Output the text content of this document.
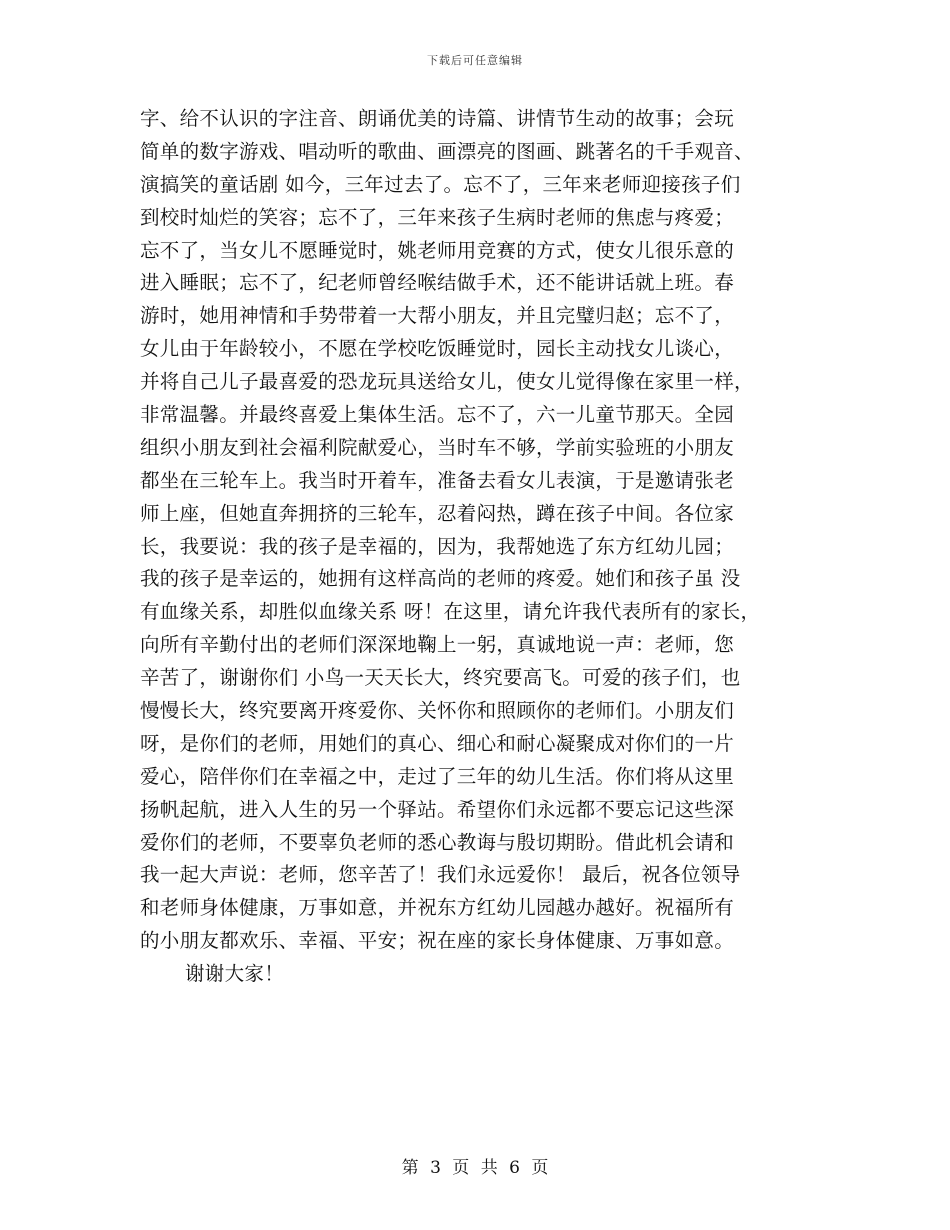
下载后可任意编辑
字、给不认识的字注音、朗诵优美的诗篇、讲情节生动的故事；会玩
简单的数字游戏、唱动听的歌曲、画漂亮的图画、跳著名的千手观音、
演搞笑的童话剧 如今，三年过去了。忘不了，三年来老师迎接孩子们
到校时灿烂的笑容；忘不了，三年来孩子生病时老师的焦虑与疼爱；
忘不了，当女儿不愿睡觉时，姚老师用竞赛的方式，使女儿很乐意的
进入睡眠；忘不了，纪老师曾经喉结做手术，还不能讲话就上班。春
游时，她用神情和手势带着一大帮小朋友，并且完璧归赵；忘不了，
女儿由于年龄较小，不愿在学校吃饭睡觉时，园长主动找女儿谈心，
并将自己儿子最喜爱的恐龙玩具送给女儿，使女儿觉得像在家里一样，
非常温馨。并最终喜爱上集体生活。忘不了，六一儿童节那天。全园
组织小朋友到社会福利院献爱心，当时车不够，学前实验班的小朋友
都坐在三轮车上。我当时开着车，准备去看女儿表演，于是邀请张老
师上座，但她直奔拥挤的三轮车，忍着闷热，蹲在孩子中间。各位家
长，我要说：我的孩子是幸福的，因为，我帮她选了东方红幼儿园；
我的孩子是幸运的，她拥有这样高尚的老师的疼爱。她们和孩子虽 没
有血缘关系，却胜似血缘关系 呀！在这里，请允许我代表所有的家长，
向所有辛勤付出的老师们深深地鞠上一躬，真诚地说一声：老师，您
辛苦了，谢谢你们 小鸟一天天长大，终究要高飞。可爱的孩子们，也
慢慢长大，终究要离开疼爱你、关怀你和照顾你的老师们。小朋友们
呀，是你们的老师，用她们的真心、细心和耐心凝聚成对你们的一片
爱心，陪伴你们在幸福之中，走过了三年的幼儿生活。你们将从这里
扬帆起航，进入人生的另一个驿站。希望你们永远都不要忘记这些深
爱你们的老师，不要辜负老师的悉心教诲与殷切期盼。借此机会请和
我一起大声说：老师，您辛苦了！我们永远爱你！ 最后，祝各位领导
和老师身体健康，万事如意，并祝东方红幼儿园越办越好。祝福所有
的小朋友都欢乐、幸福、平安；祝在座的家长身体健康、万事如意。
谢谢大家！
第 3 页 共 6 页
